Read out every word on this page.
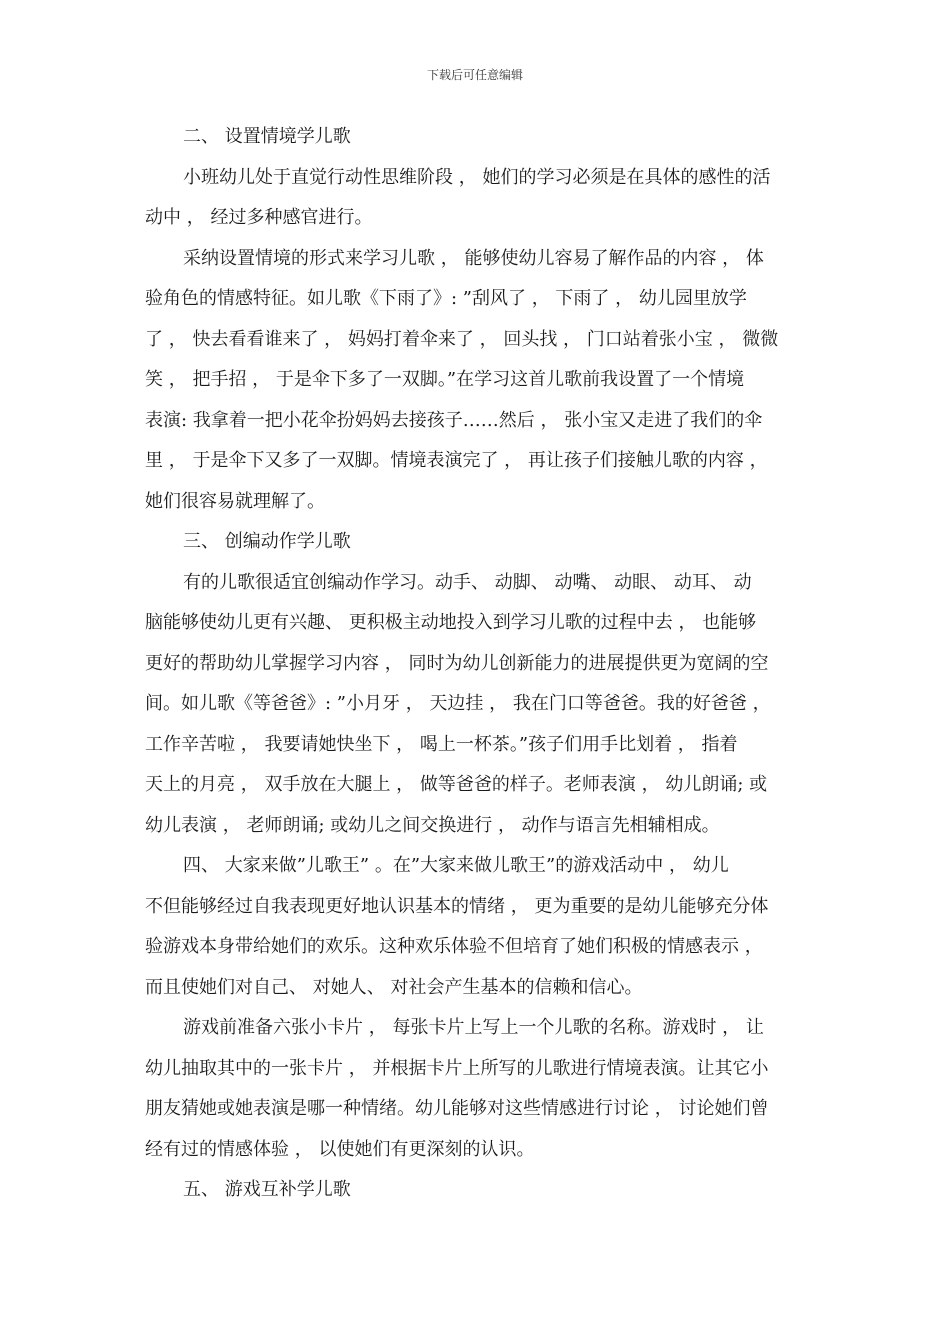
下载后可任意编辑
二、 设置情境学儿歌
小班幼儿处于直觉行动性思维阶段 ， 她们的学习必须是在具体的感性的活
动中 ， 经过多种感官进行。
采纳设置情境的形式来学习儿歌 ， 能够使幼儿容易了解作品的内容 ， 体
验角色的情感特征。如儿歌《下雨了》: ”刮风了 ， 下雨了 ， 幼儿园里放学
了 ， 快去看看谁来了 ， 妈妈打着伞来了 ， 回头找 ， 门口站着张小宝 ， 微微
笑 ， 把手招 ， 于是伞下多了一双脚。”在学习这首儿歌前我设置了一个情境
表演: 我拿着一把小花伞扮妈妈去接孩子……然后 ， 张小宝又走进了我们的伞
里 ， 于是伞下又多了一双脚。情境表演完了 ， 再让孩子们接触儿歌的内容 ，
她们很容易就理解了。
三、 创编动作学儿歌
有的儿歌很适宜创编动作学习。动手、 动脚、 动嘴、 动眼、 动耳、 动
脑能够使幼儿更有兴趣、 更积极主动地投入到学习儿歌的过程中去 ， 也能够
更好的帮助幼儿掌握学习内容 ， 同时为幼儿创新能力的进展提供更为宽阔的空
间。如儿歌《等爸爸》: ”小月牙 ， 天边挂 ， 我在门口等爸爸。我的好爸爸 ，
工作辛苦啦 ， 我要请她快坐下 ， 喝上一杯茶。”孩子们用手比划着 ， 指着
天上的月亮 ， 双手放在大腿上 ， 做等爸爸的样子。老师表演 ， 幼儿朗诵; 或
幼儿表演 ， 老师朗诵; 或幼儿之间交换进行 ， 动作与语言先相辅相成。
四、 大家来做”儿歌王” 。在”大家来做儿歌王”的游戏活动中 ， 幼儿
不但能够经过自我表现更好地认识基本的情绪 ， 更为重要的是幼儿能够充分体
验游戏本身带给她们的欢乐。这种欢乐体验不但培育了她们积极的情感表示 ，
而且使她们对自己、 对她人、 对社会产生基本的信赖和信心。
游戏前准备六张小卡片 ， 每张卡片上写上一个儿歌的名称。游戏时 ， 让
幼儿抽取其中的一张卡片 ， 并根据卡片上所写的儿歌进行情境表演。让其它小
朋友猜她或她表演是哪一种情绪。幼儿能够对这些情感进行讨论 ， 讨论她们曾
经有过的情感体验 ， 以使她们有更深刻的认识。
五、 游戏互补学儿歌
